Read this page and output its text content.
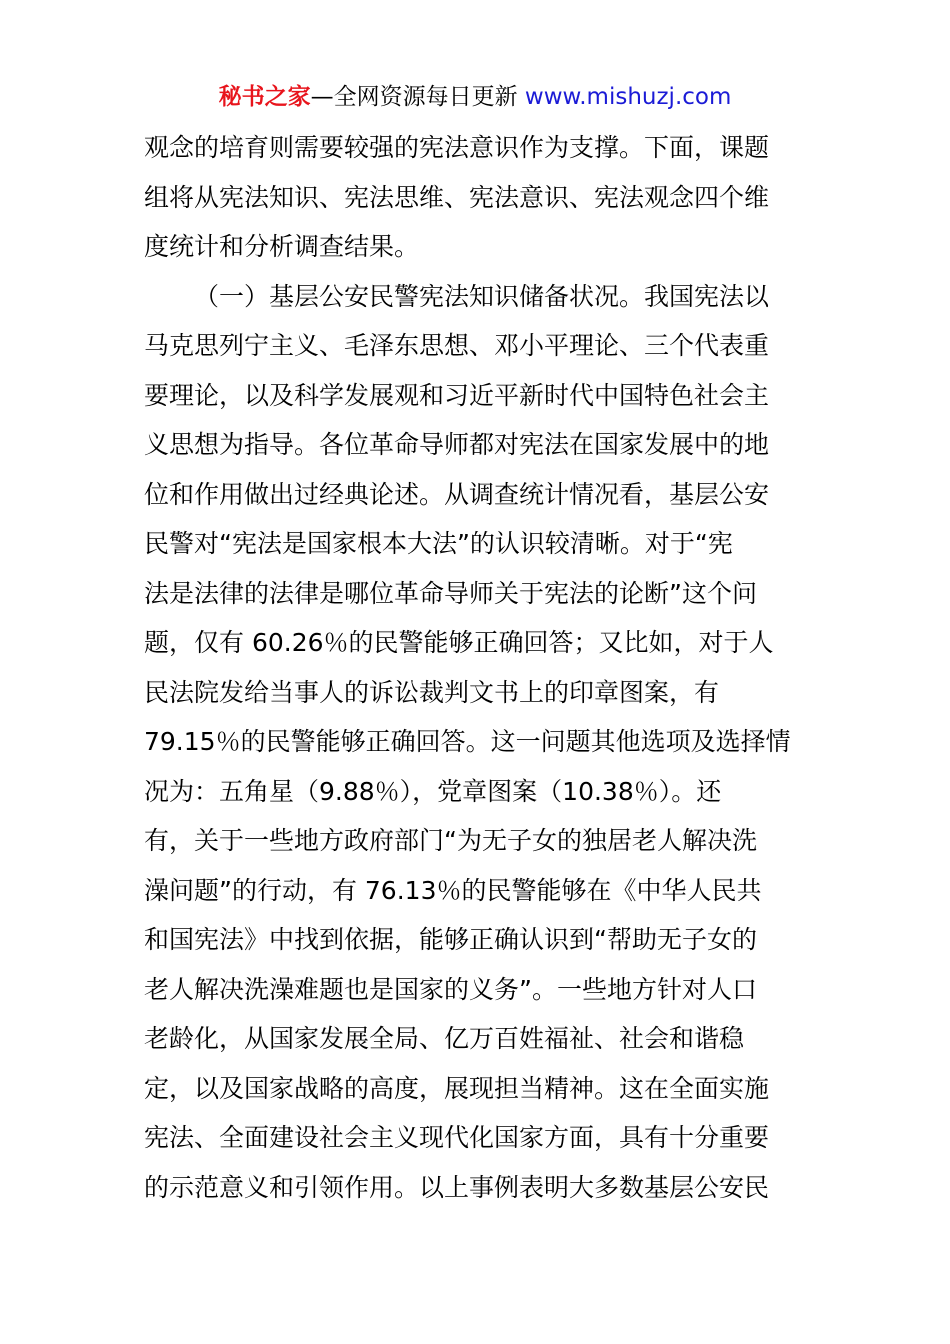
秘书之家—全网资源每日更新 www.mishuzj.com
观念的培育则需要较强的宪法意识作为支撑。下面，课题
组将从宪法知识、宪法思维、宪法意识、宪法观念四个维
度统计和分析调查结果。
（一）基层公安民警宪法知识储备状况。我国宪法以
马克思列宁主义、毛泽东思想、邓小平理论、三个代表重
要理论，以及科学发展观和习近平新时代中国特色社会主
义思想为指导。各位革命导师都对宪法在国家发展中的地
位和作用做出过经典论述。从调查统计情况看，基层公安
民警对“宪法是国家根本大法”的认识较清晰。对于“宪
法是法律的法律是哪位革命导师关于宪法的论断”这个问
题，仅有 60.26％的民警能够正确回答；又比如，对于人
民法院发给当事人的诉讼裁判文书上的印章图案，有
79.15％的民警能够正确回答。这一问题其他选项及选择情
况为：五角星（9.88％），党章图案（10.38％）。还
有，关于一些地方政府部门“为无子女的独居老人解决洗
澡问题”的行动，有 76.13％的民警能够在《中华人民共
和国宪法》中找到依据，能够正确认识到“帮助无子女的
老人解决洗澡难题也是国家的义务”。一些地方针对人口
老龄化，从国家发展全局、亿万百姓福祉、社会和谐稳
定，以及国家战略的高度，展现担当精神。这在全面实施
宪法、全面建设社会主义现代化国家方面，具有十分重要
的示范意义和引领作用。以上事例表明大多数基层公安民
